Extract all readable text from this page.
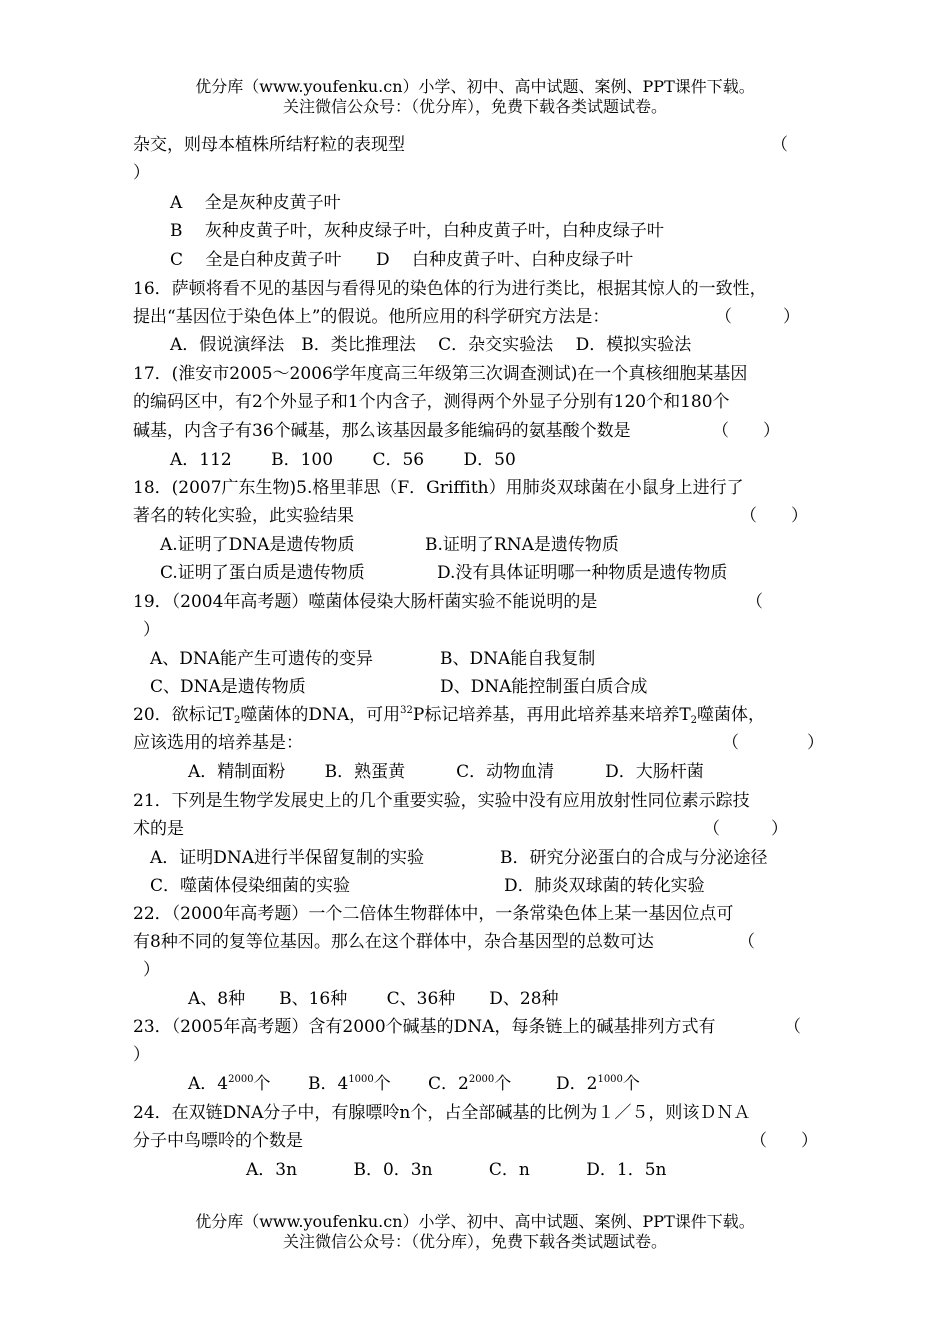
优分库（www.youfenku.cn）小学、初中、高中试题、案例、PPT课件下载。
关注微信公众号：（优分库），免费下载各类试题试卷。
杂交，则母本植株所结籽粒的表现型	（
）
A　 全是灰种皮黄子叶
B　 灰种皮黄子叶，灰种皮绿子叶，白种皮黄子叶，白种皮绿子叶
C　 全是白种皮黄子叶 D　 白种皮黄子叶、白种皮绿子叶
16．萨顿将看不见的基因与看得见的染色体的行为进行类比，根据其惊人的一致性，
提出“基因位于染色体上”的假说。他所应用的科学研究方法是：	（　　　）
A．假说演绎法　B．类比推理法　 C．杂交实验法　 D．模拟实验法
17．(淮安市2005～2006学年度高三年级第三次调查测试)在一个真核细胞某基因
的编码区中，有2个外显子和1个内含子，测得两个外显子分别有120个和180个
碱基，内含子有36个碱基，那么该基因最多能编码的氨基酸个数是	（　　）
A．112　　 B．100　　 C．56　　 D．50
18．(2007广东生物)5.格里菲思（F．Griffith）用肺炎双球菌在小鼠身上进行了
著名的转化实验，此实验结果	（　　）
A.证明了DNA是遗传物质	B.证明了RNA是遗传物质
C.证明了蛋白质是遗传物质	D.没有具体证明哪一种物质是遗传物质
19．（2004年高考题）噬菌体侵染大肠杆菌实验不能说明的是	（
）
A、DNA能产生可遗传的变异	B、DNA能自我复制
C、DNA是遗传物质	D、DNA能控制蛋白质合成
20．欲标记$T_2$噬菌体的DNA，可用$^{32}$P标记培养基，再用此培养基来培养$T_2$噬菌体，
应该选用的培养基是：	（　　　　）
A．精制面粉　　 B．熟蛋黄　　　C．动物血清　　　D．大肠杆菌
21．下列是生物学发展史上的几个重要实验，实验中没有应用放射性同位素示踪技
术的是	（　　　）
A．证明DNA进行半保留复制的实验	B．研究分泌蛋白的合成与分泌途径
C．噬菌体侵染细菌的实验	D．肺炎双球菌的转化实验
22．（2000年高考题）一个二倍体生物群体中，一条常染色体上某一基因位点可
有8种不同的复等位基因。那么在这个群体中，杂合基因型的总数可达	（
）
A、8种　　B、16种　　 C、36种　　D、28种
23．（2005年高考题）含有2000个碱基的DNA，每条链上的碱基排列方式有	（
）
A．$4^{2000}$个 B．$4^{1000}$个 C．$2^{2000}$个	D．$2^{1000}$个
24．在双链DNA分子中，有腺嘌呤n个，占全部碱基的比例为１／５，则该ＤＮＡ
分子中鸟嘌呤的个数是	（　　）
A．3n　　　 B．0．3n　　　 C．n　　　 D．1．5n
优分库（www.youfenku.cn）小学、初中、高中试题、案例、PPT课件下载。
关注微信公众号：（优分库），免费下载各类试题试卷。
